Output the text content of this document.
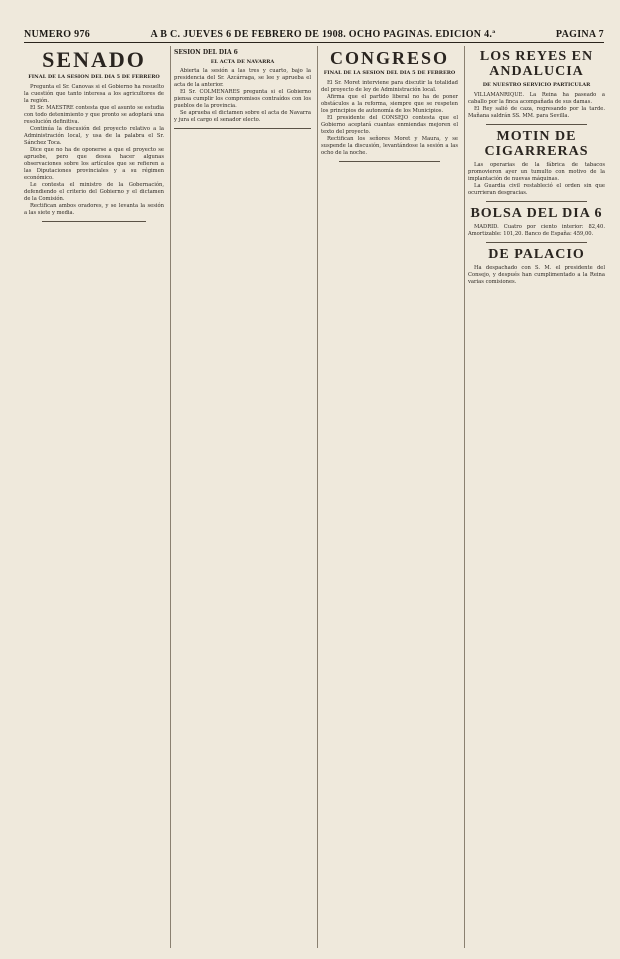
NUMERO 976	A B C. JUEVES 6 DE FEBRERO DE 1908. OCHO PAGINAS. EDICION 4.ª	PAGINA 7
SENADO
FINAL DE LA SESION DEL DIA 5 DE FEBRERO

Pregunta el Sr. Canovas si el Gobierno ha resuelto la cuestión que tanto interesa a los agricultores de la región.

El Sr. MAESTRE contesta que el asunto se estudia con todo detenimiento y que pronto se adoptará una resolución definitiva.

Continúa la discusión del proyecto relativo a la Administración local, y usa de la palabra el Sr. Sánchez Toca.

Dice que no ha de oponerse a que el proyecto se apruebe, pero que desea hacer algunas observaciones sobre los artículos que se refieren a las Diputaciones provinciales y a su régimen económico.

Le contesta el ministro de la Gobernación, defendiendo el criterio del Gobierno y el dictamen de la Comisión.

Rectifican ambos oradores, y se levanta la sesión a las siete y media.

SESION DEL DIA 6
EL ACTA DE NAVARRA

Abierta la sesión a las tres y cuarto, bajo la presidencia del Sr. Azcárraga, se lee y aprueba el acta de la anterior.

El Sr. COLMENARES pregunta si el Gobierno piensa cumplir los compromisos contraídos con los pueblos de la provincia.

Se aprueba el dictamen sobre el acta de Navarra y jura el cargo el senador electo.

CONGRESO
FINAL DE LA SESION DEL DIA 5 DE FEBRERO

El Sr. Moret interviene para discutir la totalidad del proyecto de ley de Administración local.

Afirma que el partido liberal no ha de poner obstáculos a la reforma, siempre que se respeten los principios de autonomía de los Municipios.

El presidente del CONSEJO contesta que el Gobierno aceptará cuantas enmiendas mejoren el texto del proyecto.

Rectifican los señores Moret y Maura, y se suspende la discusión, levantándose la sesión a las ocho de la noche.

LOS REYES EN ANDALUCIA
DE NUESTRO SERVICIO PARTICULAR

VILLAMANRIQUE. La Reina ha paseado a caballo por la finca acompañada de sus damas.

El Rey salió de caza, regresando por la tarde. Mañana saldrán SS. MM. para Sevilla.

MOTIN DE CIGARRERAS

Las operarias de la fábrica de tabacos promovieron ayer un tumulto con motivo de la implantación de nuevas máquinas.

La Guardia civil restableció el orden sin que ocurrieran desgracias.

BOLSA DEL DIA 6

MADRID. Cuatro por ciento interior: 82,40. Amortizable: 101,20. Banco de España: 459,00.

DE PALACIO

Ha despachado con S. M. el presidente del Consejo, y después han cumplimentado a la Reina varias comisiones.
